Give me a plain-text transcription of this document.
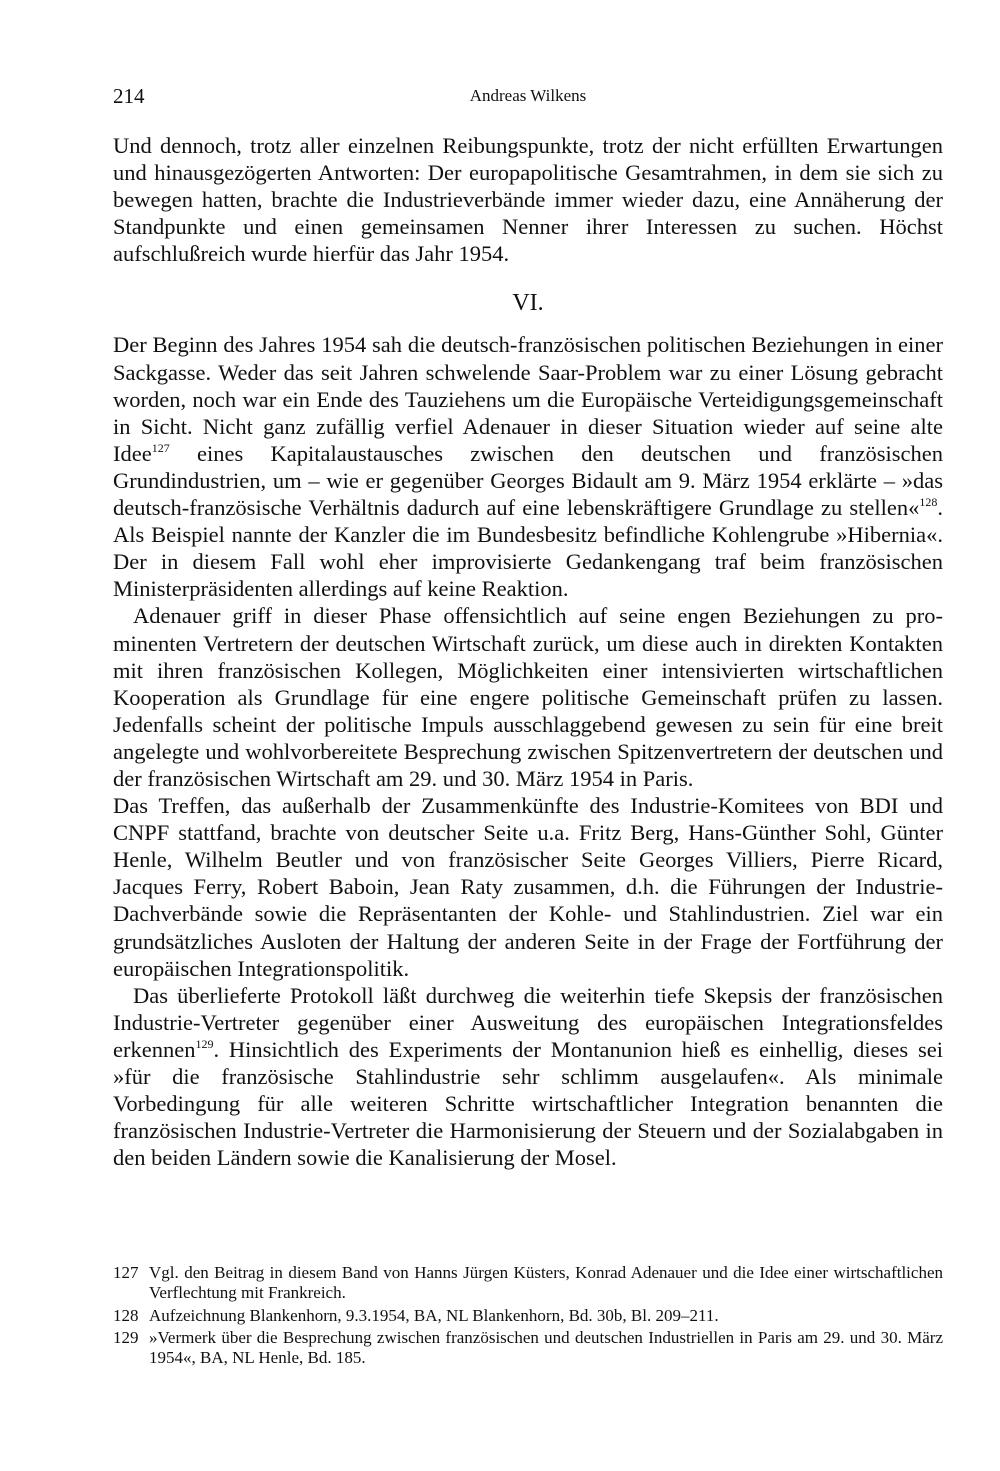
214	Andreas Wilkens

Und dennoch, trotz aller einzelnen Reibungspunkte, trotz der nicht erfüllten Erwartungen und hinausgezögerten Antworten: Der europapolitische Gesamtrahmen, in dem sie sich zu bewegen hatten, brachte die Industrieverbände immer wieder dazu, eine Annäherung der Standpunkte und einen gemeinsamen Nenner ihrer Interessen zu suchen. Höchst aufschlußreich wurde hierfür das Jahr 1954.

VI.

Der Beginn des Jahres 1954 sah die deutsch-französischen politischen Beziehungen in einer Sackgasse. Weder das seit Jahren schwelende Saar-Problem war zu einer Lösung gebracht worden, noch war ein Ende des Tauziehens um die Europäische Verteidigungsgemeinschaft in Sicht. Nicht ganz zufällig verfiel Adenauer in dieser Situation wieder auf seine alte Idee$^{127}$ eines Kapitalaustausches zwischen den deutschen und französischen Grundindustrien, um – wie er gegenüber Georges Bidault am 9. März 1954 erklärte – »das deutsch-französische Verhältnis dadurch auf eine lebenskräftigere Grundlage zu stellen«$^{128}$. Als Beispiel nannte der Kanzler die im Bundesbesitz befindliche Kohlengrube »Hibernia«. Der in diesem Fall wohl eher improvisierte Gedankengang traf beim französischen Ministerpräsidenten allerdings auf keine Reaktion.

Adenauer griff in dieser Phase offensichtlich auf seine engen Beziehungen zu prominenten Vertretern der deutschen Wirtschaft zurück, um diese auch in direkten Kontakten mit ihren französischen Kollegen, Möglichkeiten einer intensivierten wirtschaftlichen Kooperation als Grundlage für eine engere politische Gemeinschaft prüfen zu lassen. Jedenfalls scheint der politische Impuls ausschlaggebend gewesen zu sein für eine breit angelegte und wohlvorbereitete Besprechung zwischen Spitzenvertretern der deutschen und der französischen Wirtschaft am 29. und 30. März 1954 in Paris.

Das Treffen, das außerhalb der Zusammenkünfte des Industrie-Komitees von BDI und CNPF stattfand, brachte von deutscher Seite u.a. Fritz Berg, Hans-Günther Sohl, Günter Henle, Wilhelm Beutler und von französischer Seite Georges Villiers, Pierre Ricard, Jacques Ferry, Robert Baboin, Jean Raty zusammen, d.h. die Führungen der Industrie-Dachverbände sowie die Repräsentanten der Kohle- und Stahlindustrien. Ziel war ein grundsätzliches Ausloten der Haltung der anderen Seite in der Frage der Fortführung der europäischen Integrationspolitik.

Das überlieferte Protokoll läßt durchweg die weiterhin tiefe Skepsis der französischen Industrie-Vertreter gegenüber einer Ausweitung des europäischen Integrationsfeldes erkennen$^{129}$. Hinsichtlich des Experiments der Montanunion hieß es einhellig, dieses sei »für die französische Stahlindustrie sehr schlimm ausgelaufen«. Als minimale Vorbedingung für alle weiteren Schritte wirtschaftlicher Integration benannten die französischen Industrie-Vertreter die Harmonisierung der Steuern und der Sozialabgaben in den beiden Ländern sowie die Kanalisierung der Mosel.

127 Vgl. den Beitrag in diesem Band von Hanns Jürgen Küsters, Konrad Adenauer und die Idee einer wirtschaftlichen Verflechtung mit Frankreich.
128 Aufzeichnung Blankenhorn, 9.3.1954, BA, NL Blankenhorn, Bd. 30b, Bl. 209–211.
129 »Vermerk über die Besprechung zwischen französischen und deutschen Industriellen in Paris am 29. und 30. März 1954«, BA, NL Henle, Bd. 185.
